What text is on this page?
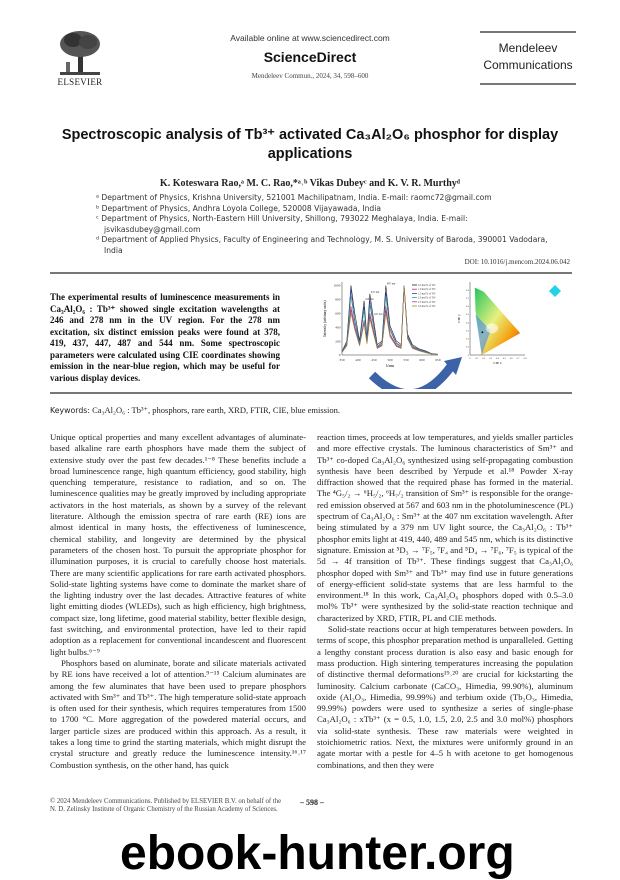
ELSEVIER
Available online at www.sciencedirect.com
ScienceDirect
Mendeleev Commun., 2024, 34, 598–600
Mendeleev
Communications
Spectroscopic analysis of Tb³⁺ activated Ca₃Al₂O₆ phosphor for display applications
K. Koteswara Rao,ᵃ M. C. Rao,*ᵃ˒ᵇ Vikas Dubeyᶜ and K. V. R. Murthyᵈ
ᵃ Department of Physics, Krishna University, 521001 Machilipatnam, India. E-mail: raomc72@gmail.com
ᵇ Department of Physics, Andhra Loyola College, 520008 Vijayawada, India
ᶜ Department of Physics, North-Eastern Hill University, Shillong, 793022 Meghalaya, India. E-mail: jsvikasdubey@gmail.com
ᵈ Department of Applied Physics, Faculty of Engineering and Technology, M. S. University of Baroda, 390001 Vadodara, India
DOI: 10.1016/j.mencom.2024.06.042
The experimental results of luminescence measurements in Ca₃Al₂O₆ : Tb³⁺ showed single excitation wavelengths at 246 and 278 nm in the UV region. For the 278 nm excitation, six distinct emission peaks were found at 378, 419, 437, 447, 487 and 544 nm. Some spectroscopic parameters were calculated using CIE coordinates showing emission in the near-blue region, which may be useful for various display devices.
350	400	450	500	550	600	650
0
200
400
600
800
1000
λ/nm
Intensity (arbitrary units)
419 nm
437 nm
447 nm
487 nm
0.5 mol% of Tb³⁺
1.0 mol% of Tb³⁺
1.5 mol% of Tb³⁺
2.0 mol% of Tb³⁺
2.5 mol% of Tb³⁺
3.0 mol% of Tb³⁺
0	0.1	0.2	0.3	0.4	0.5	0.6	0.7	0.8
0
0.1
0.2
0.3
0.4
0.5
0.6
0.7
0.8
CIE x
CIE y
Keywords: Ca₃Al₂O₆ : Tb³⁺, phosphors, rare earth, XRD, FTIR, CIE, blue emission.

Unique optical properties and many excellent advantages of aluminate-based alkaline rare earth phosphors have made them the subject of extensive study over the past few decades.¹⁻⁸ These benefits include a broad luminescence range, high quantum efficiency, good stability, high quenching temperature, resistance to radiation, and so on. The luminescence qualities may be greatly improved by including appropriate activators in the host materials, as shown by a survey of the relevant literature. Although the emission spectra of rare earth (RE) ions are almost identical in many hosts, the effectiveness of luminescence, chemical stability, and longevity are determined by the physical parameters of the chosen host. To pursuit the appropriate phosphor for illumination purposes, it is crucial to carefully choose host materials. There are many scientific applications for rare earth activated phosphors. Solid-state lighting systems have come to dominate the market share of the lighting industry over the last decades. Attractive features of white light emitting diodes (WLEDs), such as high efficiency, high brightness, compact size, long lifetime, good material stability, better flexible design, fast switching, and environmental protection, have led to their rapid adoption as a replacement for conventional incandescent and fluorescent light bulbs.⁶⁻⁹

Phosphors based on aluminate, borate and silicate materials activated by RE ions have received a lot of attention.⁹⁻¹⁵ Calcium aluminates are among the few aluminates that have been used to prepare phosphors activated with Sm³⁺ and Tb³⁺. The high temperature solid-state approach is often used for their synthesis, which requires temperatures from 1500 to 1700 °C. More aggregation of the powdered material occurs, and larger particle sizes are produced within this approach. As a result, it takes a long time to grind the starting materials, which might disrupt the crystal structure and greatly reduce the luminescence intensity.¹⁶˒¹⁷ Combustion synthesis, on the other hand, has quick

reaction times, proceeds at low temperatures, and yields smaller particles and more effective crystals. The luminous characteristics of Sm³⁺ and Tb³⁺ co-doped Ca₃Al₂O₆ synthesized using self-propagating combustion synthesis have been described by Yerpude et al.¹⁸ Powder X-ray diffraction showed that the required phase has formed in the material. The ⁴G₅/₂ → ⁶H₅/₂, ⁶H₇/₂ transition of Sm³⁺ is responsible for the orange-red emission observed at 567 and 603 nm in the photoluminescence (PL) spectrum of Ca₃Al₂O₆ : Sm³⁺ at the 407 nm excitation wavelength. After being stimulated by a 379 nm UV light source, the Ca₃Al₂O₆ : Tb³⁺ phosphor emits light at 419, 440, 489 and 545 nm, which is its distinctive signature. Emission at ⁵D₃ → ⁷F₅, ⁷F₄ and ⁵D₄ → ⁷F₆, ⁷F₅ is typical of the 5d → 4f transition of Tb³⁺. These findings suggest that Ca₃Al₂O₆ phosphor doped with Sm³⁺ and Tb³⁺ may find use in future generations of energy-efficient solid-state systems that are less harmful to the environment.¹⁸ In this work, Ca₃Al₂O₆ phosphors doped with 0.5–3.0 mol% Tb³⁺ were synthesized by the solid-state reaction technique and characterized by XRD, FTIR, PL and CIE methods.

Solid-state reactions occur at high temperatures between powders. In terms of scope, this phosphor preparation method is unparalleled. Getting a lengthy constant process duration is also easy and basic enough for mass production. High sintering temperatures increasing the population of distinctive thermal deformations¹⁹˒²⁰ are crucial for kickstarting the luminosity. Calcium carbonate (CaCO₃, Himedia, 99.90%), aluminum oxide (Al₂O₃, Himedia, 99.99%) and terbium oxide (Tb₂O₃, Himedia, 99.99%) powders were used to synthesize a series of single-phase Ca₃Al₂O₆ : xTb³⁺ (x = 0.5, 1.0, 1.5, 2.0, 2.5 and 3.0 mol%) phosphors via solid-state synthesis. These raw materials were weighted in stoichiometric ratios. Next, the mixtures were uniformly ground in an agate mortar with a pestle for 4–5 h with acetone to get homogenous combinations, and then they were

© 2024 Mendeleev Communications. Published by ELSEVIER B.V. on behalf of the N. D. Zelinsky Institute of Organic Chemistry of the Russian Academy of Sciences.
– 598 –
ebook-hunter.org
